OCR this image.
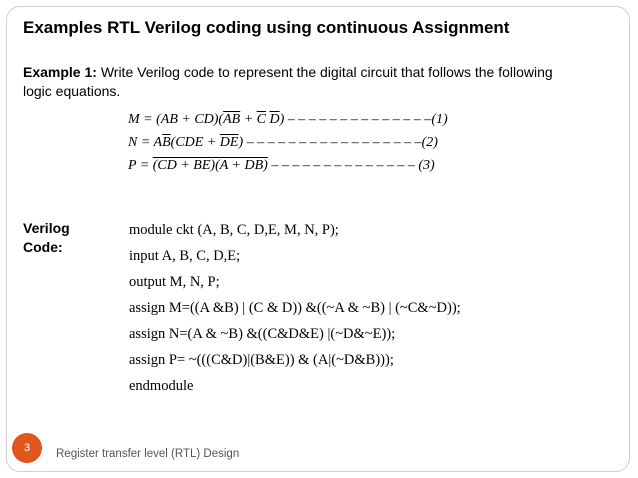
Examples RTL Verilog coding using continuous Assignment
Example 1: Write Verilog code to represent the digital circuit that follows the following logic equations.
$M = (AB + CD)(\overline{AB} + \overline{C}$ $\overline{D}$) – – – – – – – – – – – – – –(1)
$N = A\overline{B}(CDE + \overline{D}\overline{E})$ – – – – – – – – – – – – – – – – –(2)
P = (CD + BE)(A + DB) – – – – – – – – – – – – – – (3)
Verilog
Code:
module ckt (A, B, C, D,E, M, N, P);
input A, B, C, D,E;
output M, N, P;
assign M=((A &B) | (C & D)) &((~A & ~B) | (~C&~D));
assign N=(A & ~B) &((C&D&E) |(~D&~E));
assign P= ~(((C&D)|(B&E)) & (A|(~D&B)));
endmodule
3	Register transfer level (RTL) Design
